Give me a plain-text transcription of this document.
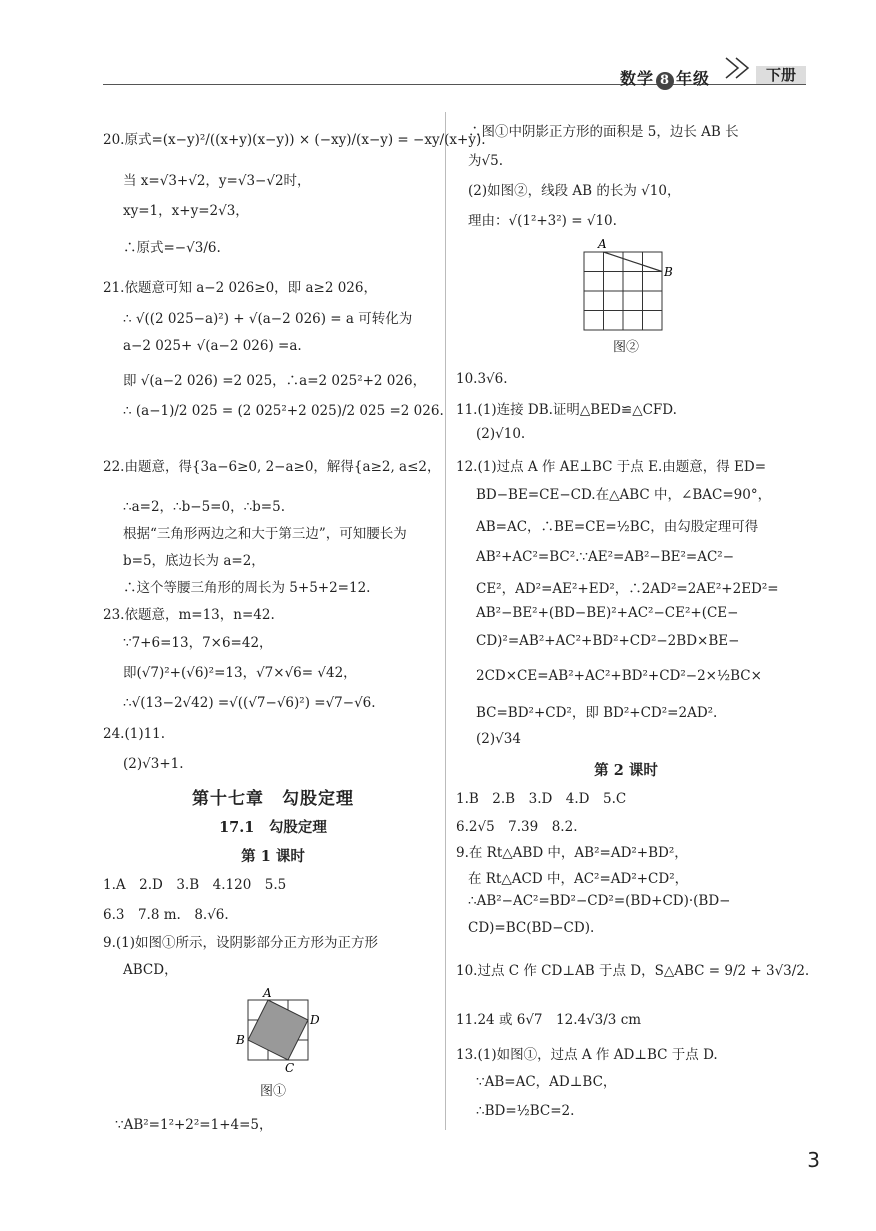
数学 8 年级	下册
20.原式=(x−y)²/((x+y)(x−y)) × (−xy)/(x−y) = −xy/(x+y).
当 x=√3+√2，y=√3−√2时，
xy=1，x+y=2√3，
∴原式=−√3/6.
21.依题意可知 a−2 026≥0，即 a≥2 026，
∴ √((2 025−a)²) + √(a−2 026) = a 可转化为
a−2 025+ √(a−2 026) =a.
即 √(a−2 026) =2 025，∴a=2 025²+2 026，
∴ (a−1)/2 025 = (2 025²+2 025)/2 025 =2 026.
22.由题意，得{3a−6≥0, 2−a≥0，解得{a≥2, a≤2，
∴a=2，∴b−5=0，∴b=5.
根据“三角形两边之和大于第三边”，可知腰长为
b=5，底边长为 a=2，
∴这个等腰三角形的周长为 5+5+2=12.
23.依题意，m=13，n=42.
∵7+6=13，7×6=42，
即(√7)²+(√6)²=13，√7×√6= √42，
∴√(13−2√42) =√((√7−√6)²) =√7−√6.
24.(1)11.
(2)√3+1.
第十七章　勾股定理
17.1　勾股定理
第 1 课时
1.A　2.D　3.B　4.120　5.5
6.3　7.8 m.　8.√6.
9.(1)如图①所示，设阴影部分正方形为正方形
ABCD，
A
D
B
C
图①
∵AB²=1²+2²=1+4=5，
∴图①中阴影正方形的面积是 5，边长 AB 长
为√5.
(2)如图②，线段 AB 的长为 √10，
理由：√(1²+3²) = √10.
A
B
图②
10.3√6.
11.(1)连接 DB.证明△BED≌△CFD.
(2)√10.
12.(1)过点 A 作 AE⊥BC 于点 E.由题意，得 ED=
BD−BE=CE−CD.在△ABC 中，∠BAC=90°，
AB=AC，∴BE=CE=½BC，由勾股定理可得
AB²+AC²=BC².∵AE²=AB²−BE²=AC²−
CE²，AD²=AE²+ED²，∴2AD²=2AE²+2ED²=
AB²−BE²+(BD−BE)²+AC²−CE²+(CE−
CD)²=AB²+AC²+BD²+CD²−2BD×BE−
2CD×CE=AB²+AC²+BD²+CD²−2×½BC×
BC=BD²+CD²，即 BD²+CD²=2AD².
(2)√34
第 2 课时
1.B　2.B　3.D　4.D　5.C
6.2√5　7.39　8.2.
9.在 Rt△ABD 中，AB²=AD²+BD²，
在 Rt△ACD 中，AC²=AD²+CD²，
∴AB²−AC²=BD²−CD²=(BD+CD)·(BD−
CD)=BC(BD−CD).
10.过点 C 作 CD⊥AB 于点 D，S△ABC = 9/2 + 3√3/2.
11.24 或 6√7　12.4√3/3 cm
13.(1)如图①，过点 A 作 AD⊥BC 于点 D.
∵AB=AC，AD⊥BC，
∴BD=½BC=2.
3
